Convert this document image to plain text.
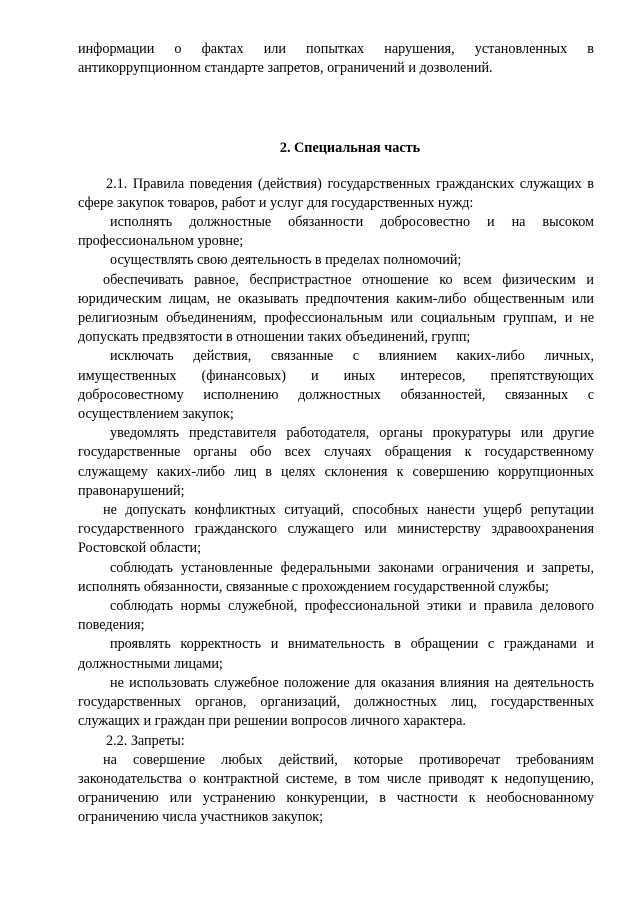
информации о фактах или попытках нарушения, установленных в антикоррупционном стандарте запретов, ограничений и дозволений.

2. Специальная часть

2.1. Правила поведения (действия) государственных гражданских служащих в сфере закупок товаров, работ и услуг для государственных нужд:

исполнять должностные обязанности добросовестно и на высоком профессиональном уровне;

осуществлять свою деятельность в пределах полномочий;

обеспечивать равное, беспристрастное отношение ко всем физическим и юридическим лицам, не оказывать предпочтения каким-либо общественным или религиозным объединениям, профессиональным или социальным группам, и не допускать предвзятости в отношении таких объединений, групп;

исключать действия, связанные с влиянием каких-либо личных, имущественных (финансовых) и иных интересов, препятствующих добросовестному исполнению должностных обязанностей, связанных с осуществлением закупок;

уведомлять представителя работодателя, органы прокуратуры или другие государственные органы обо всех случаях обращения к государственному служащему каких-либо лиц в целях склонения к совершению коррупционных правонарушений;

не допускать конфликтных ситуаций, способных нанести ущерб репутации государственного гражданского служащего или министерству здравоохранения Ростовской области;

соблюдать установленные федеральными законами ограничения и запреты, исполнять обязанности, связанные с прохождением государственной службы;

соблюдать нормы служебной, профессиональной этики и правила делового поведения;

проявлять корректность и внимательность в обращении с гражданами и должностными лицами;

не использовать служебное положение для оказания влияния на деятельность государственных органов, организаций, должностных лиц, государственных служащих и граждан при решении вопросов личного характера.

2.2. Запреты:

на совершение любых действий, которые противоречат требованиям законодательства о контрактной системе, в том числе приводят к недопущению, ограничению или устранению конкуренции, в частности к необоснованному ограничению числа участников закупок;
